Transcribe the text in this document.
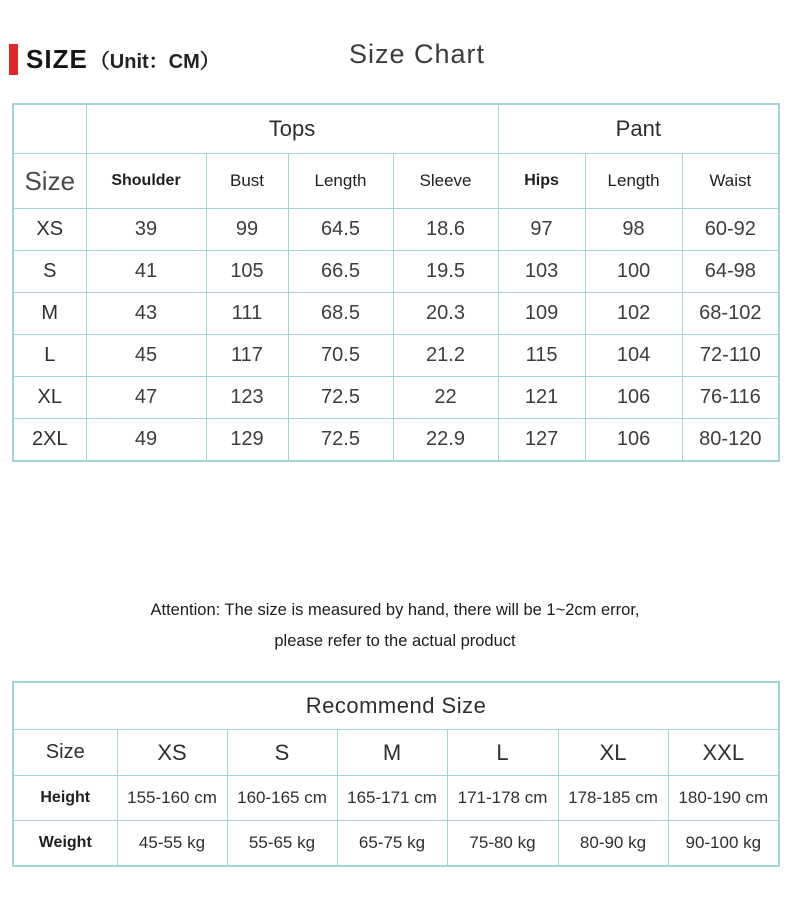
SIZE （Unit：CM）	Size Chart
	Tops				Pant		
Size	Shoulder	Bust	Length	Sleeve	Hips	Length	Waist
XS	39	99	64.5	18.6	97	98	60-92
S	41	105	66.5	19.5	103	100	64-98
M	43	111	68.5	20.3	109	102	68-102
L	45	117	70.5	21.2	115	104	72-110
XL	47	123	72.5	22	121	106	76-116
2XL	49	129	72.5	22.9	127	106	80-120
Attention: The size is measured by hand, there will be 1~2cm error,
please refer to the actual product
Recommend Size						
Size	XS	S	M	L	XL	XXL
Height	155-160 cm	160-165 cm	165-171 cm	171-178 cm	178-185 cm	180-190 cm
Weight	45-55 kg	55-65 kg	65-75 kg	75-80 kg	80-90 kg	90-100 kg
